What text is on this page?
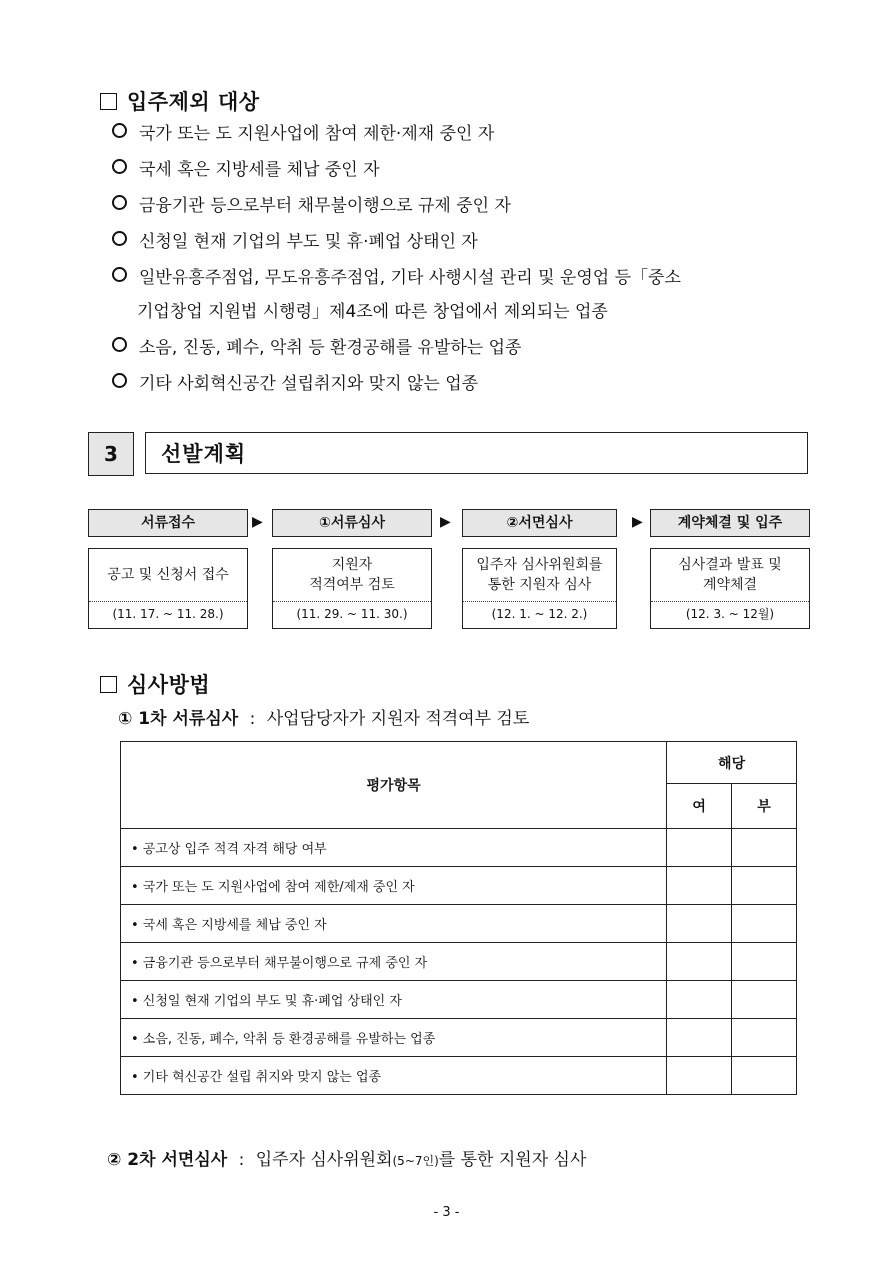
입주제외 대상
국가 또는 도 지원사업에 참여 제한·제재 중인 자
국세 혹은 지방세를 체납 중인 자
금융기관 등으로부터 채무불이행으로 규제 중인 자
신청일 현재 기업의 부도 및 휴·폐업 상태인 자
일반유흥주점업, 무도유흥주점업, 기타 사행시설 관리 및 운영업 등「중소
기업창업 지원법 시행령」제4조에 따른 창업에서 제외되는 업종
소음, 진동, 폐수, 악취 등 환경공해를 유발하는 업종
기타 사회혁신공간 설립취지와 맞지 않는 업종
3	선발계획
서류접수	▶	①서류심사	▶	②서면심사	▶	계약체결 및 입주
공고 및 신청서 접수
(11. 17. ~ 11. 28.)
지원자
적격여부 검토
(11. 29. ~ 11. 30.)
입주자 심사위원회를
통한 지원자 심사
(12. 1. ~ 12. 2.)
심사결과 발표 및
계약체결
(12. 3. ~ 12월)
심사방법
① 1차 서류심사 : 사업담당자가 지원자 적격여부 검토
평가항목	해당	
	여	부
• 공고상 입주 적격 자격 해당 여부		
• 국가 또는 도 지원사업에 참여 제한/제재 중인 자		
• 국세 혹은 지방세를 체납 중인 자		
• 금융기관 등으로부터 채무불이행으로 규제 중인 자		
• 신청일 현재 기업의 부도 및 휴·폐업 상태인 자		
• 소음, 진동, 폐수, 악취 등 환경공해를 유발하는 업종		
• 기타 혁신공간 설립 취지와 맞지 않는 업종		
② 2차 서면심사 : 입주자 심사위원회(5~7인)를 통한 지원자 심사
- 3 -
